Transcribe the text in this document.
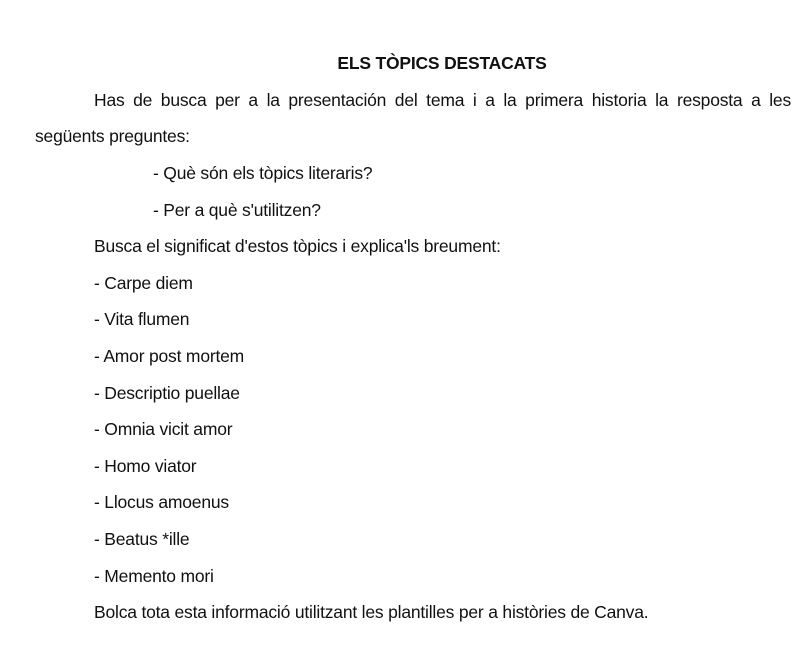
ELS TÒPICS DESTACATS
Has de busca per a la presentación del tema i a la primera historia la resposta a les
següents preguntes:
- Què són els tòpics literaris?
- Per a què s'utilitzen?
Busca el significat d'estos tòpics i explica'ls breument:
- Carpe diem
- Vita flumen
- Amor post mortem
- Descriptio puellae
- Omnia vicit amor
- Homo viator
- Llocus amoenus
- Beatus *ille
- Memento mori
Bolca tota esta informació utilitzant les plantilles per a històries de Canva.
